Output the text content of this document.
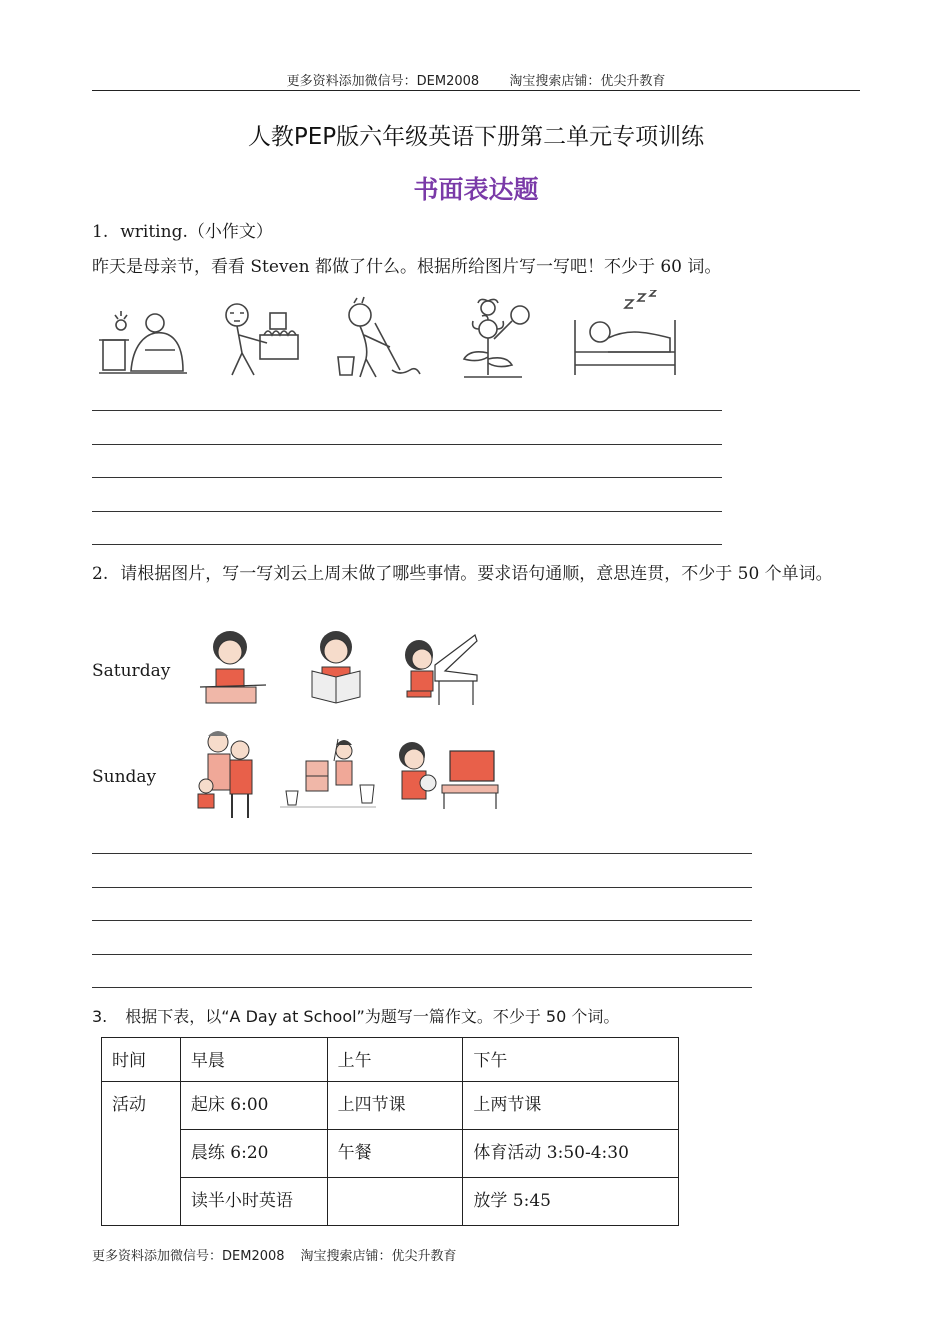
更多资料添加微信号：DEM2008 淘宝搜索店铺：优尖升教育
人教PEP版六年级英语下册第二单元专项训练
书面表达题
1. writing.（小作文）
昨天是母亲节，看看 Steven 都做了什么。根据所给图片写一写吧！不少于 60 词。
2. 请根据图片，写一写刘云上周末做了哪些事情。要求语句通顺，意思连贯，不少于 50 个单词。
Saturday
Sunday
3. 根据下表，以“A Day at School”为题写一篇作文。不少于 50 个词。
时间	早晨	上午	下午
活动	起床 6:00	上四节课	上两节课
	晨练 6:20	午餐	体育活动 3:50-4:30
	读半小时英语		放学 5:45
更多资料添加微信号：DEM2008 淘宝搜索店铺：优尖升教育
